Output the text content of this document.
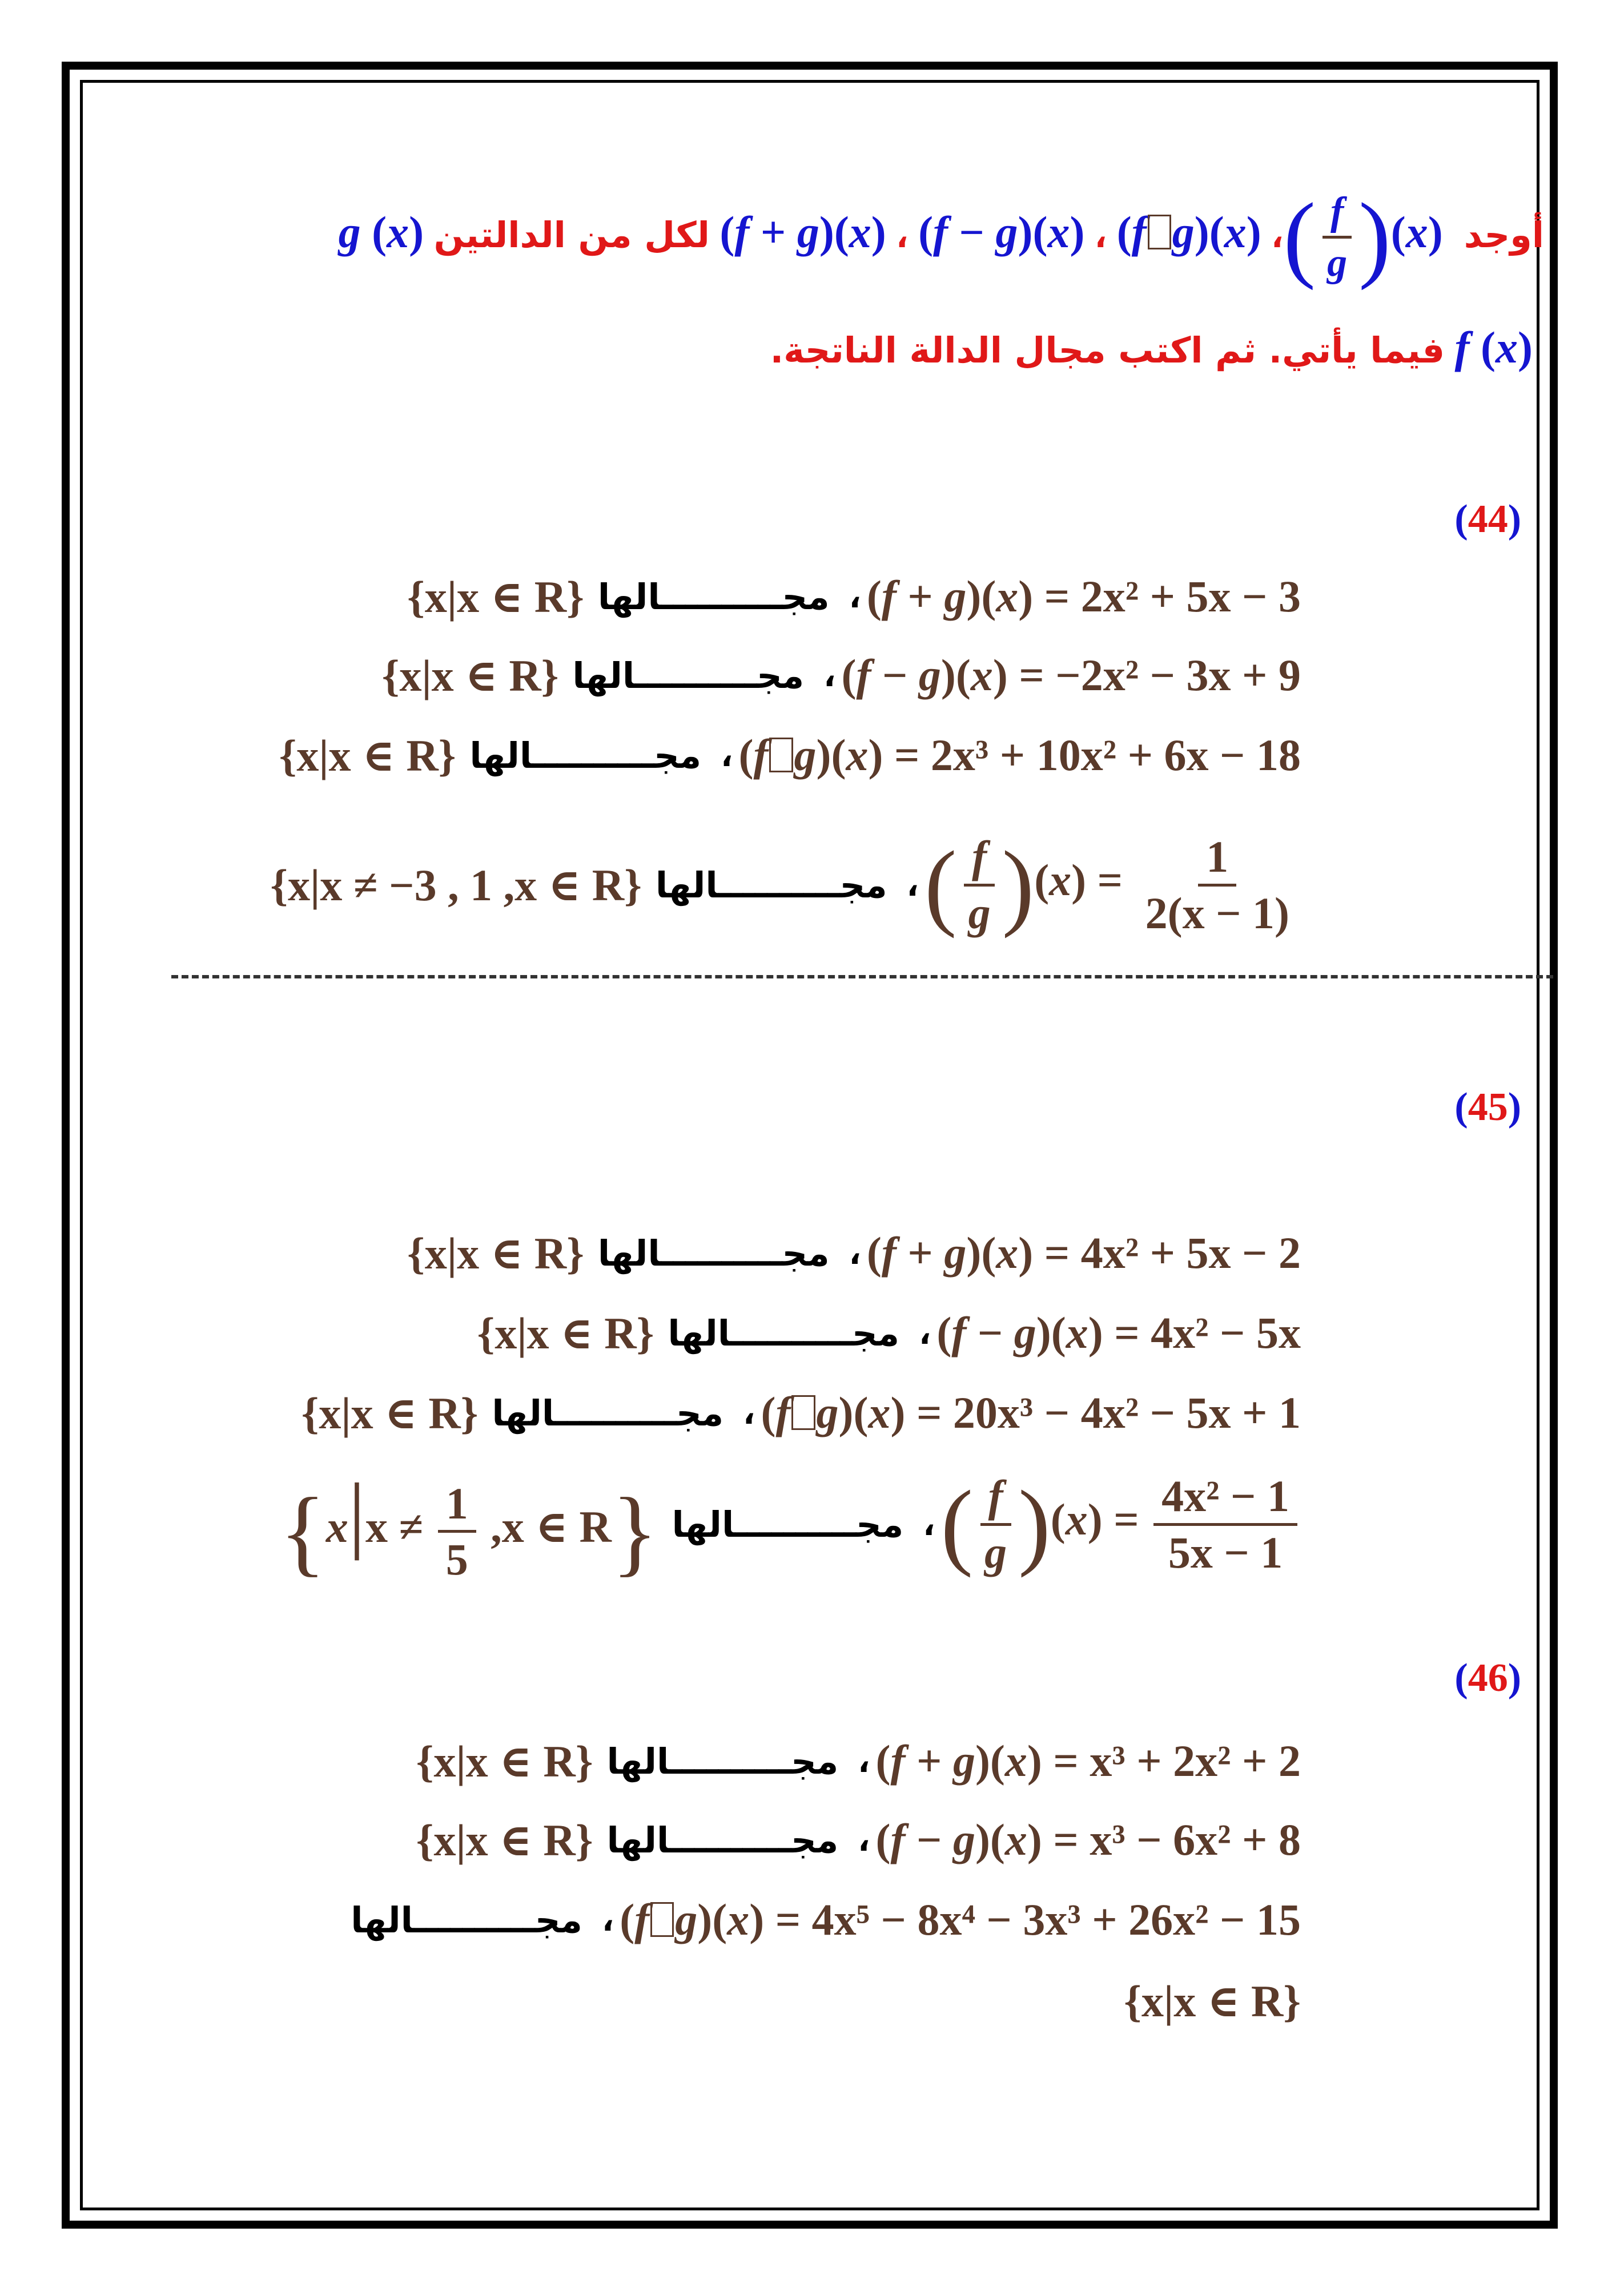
أوجد ( $\frac{f}{g} )(x)$ ، (f g)(x) ، (f − g)(x) ، (f + g)(x) لكل من الدالتين g (x)
f (x) فيما يأتي. ثم اكتب مجال الدالة الناتجة.
(44)
(f + g)(x) = 2x² + 5x − 3
،
مجــــــــــالها
{x|x ∈ R}
(f − g)(x) = −2x² − 3x + 9
،
مجــــــــــالها
{x|x ∈ R}
(f g)(x) = 2x³ + 10x² + 6x − 18
،
مجــــــــــالها
{x|x ∈ R}
( $\frac{f}{g} )(x) = \frac{1}{2(x - 1)}$
،
مجــــــــــالها
{x|x ≠ −3 , 1 ,x ∈ R}
(45)
(f + g)(x) = 4x² + 5x − 2
،
مجــــــــــالها
{x|x ∈ R}
(f − g)(x) = 4x² − 5x
،
مجــــــــــالها
{x|x ∈ R}
(f g)(x) = 20x³ − 4x² − 5x + 1
،
مجــــــــــالها
{x|x ∈ R}
( $\frac{f}{g} )(x) = \frac{\text{4x² − 1}}{5x - 1}$
،
مجــــــــــالها
{$x|x \ne \frac{1}{5} ,x$ ∈ R}
(46)
(f + g)(x) = x³ + 2x² + 2
،
مجــــــــــالها
{x|x ∈ R}
(f − g)(x) = x³ − 6x² + 8
،
مجــــــــــالها
{x|x ∈ R}
(f g)(x) = 4x⁵ − 8x⁴ − 3x³ + 26x² − 15
،
مجــــــــــالها
{x|x ∈ R}
